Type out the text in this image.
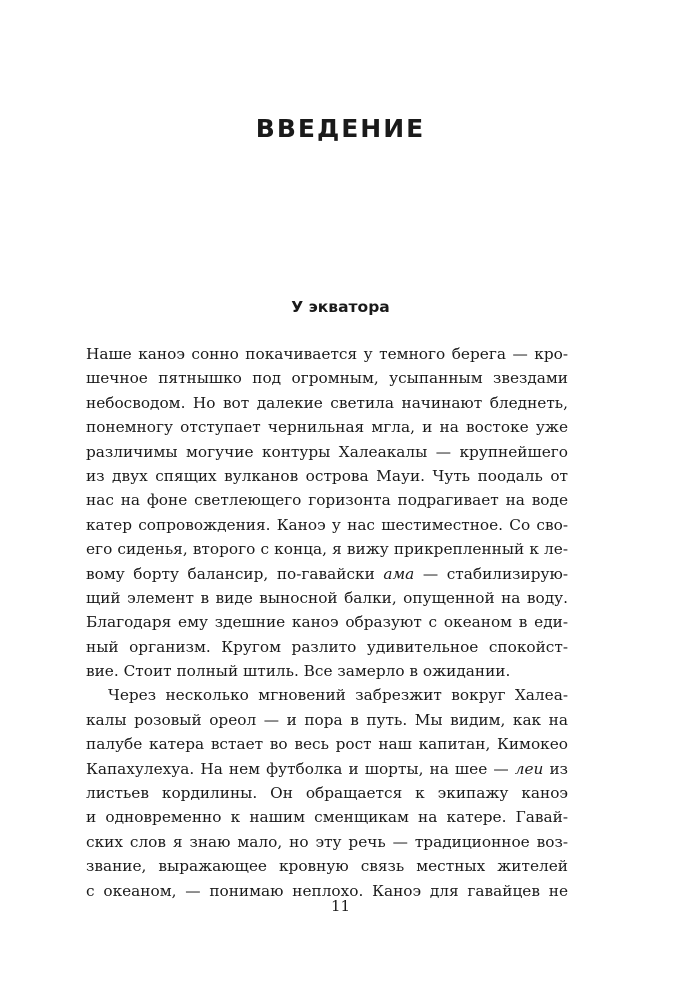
ВВЕДЕНИЕ
У экватора

Наше каноэ сонно покачивается у темного берега — кро-
шечное пятнышко под огромным, усыпанным звездами
небосводом. Но вот далекие светила начинают бледнеть,
понемногу отступает чернильная мгла, и на востоке уже
различимы могучие контуры Халеакалы — крупнейшего
из двух спящих вулканов острова Мауи. Чуть поодаль от
нас на фоне светлеющего горизонта подрагивает на воде
катер сопровождения. Каноэ у нас шестиместное. Со сво-
его сиденья, второго с конца, я вижу прикрепленный к ле-
вому борту балансир, по-гавайски ама — стабилизирую-
щий элемент в виде выносной балки, опущенной на воду.
Благодаря ему здешние каноэ образуют с океаном в еди-
ный организм. Кругом разлито удивительное спокойст-
вие. Стоит полный штиль. Все замерло в ожидании.

Через несколько мгновений забрезжит вокруг Халеа-
калы розовый ореол — и пора в путь. Мы видим, как на
палубе катера встает во весь рост наш капитан, Кимокео
Капахулехуа. На нем футболка и шорты, на шее — леи из
листьев кордилины. Он обращается к экипажу каноэ
и одновременно к нашим сменщикам на катере. Гавай-
ских слов я знаю мало, но эту речь — традиционное воз-
звание, выражающее кровную связь местных жителей
с океаном, — понимаю неплохо. Каноэ для гавайцев не

11
